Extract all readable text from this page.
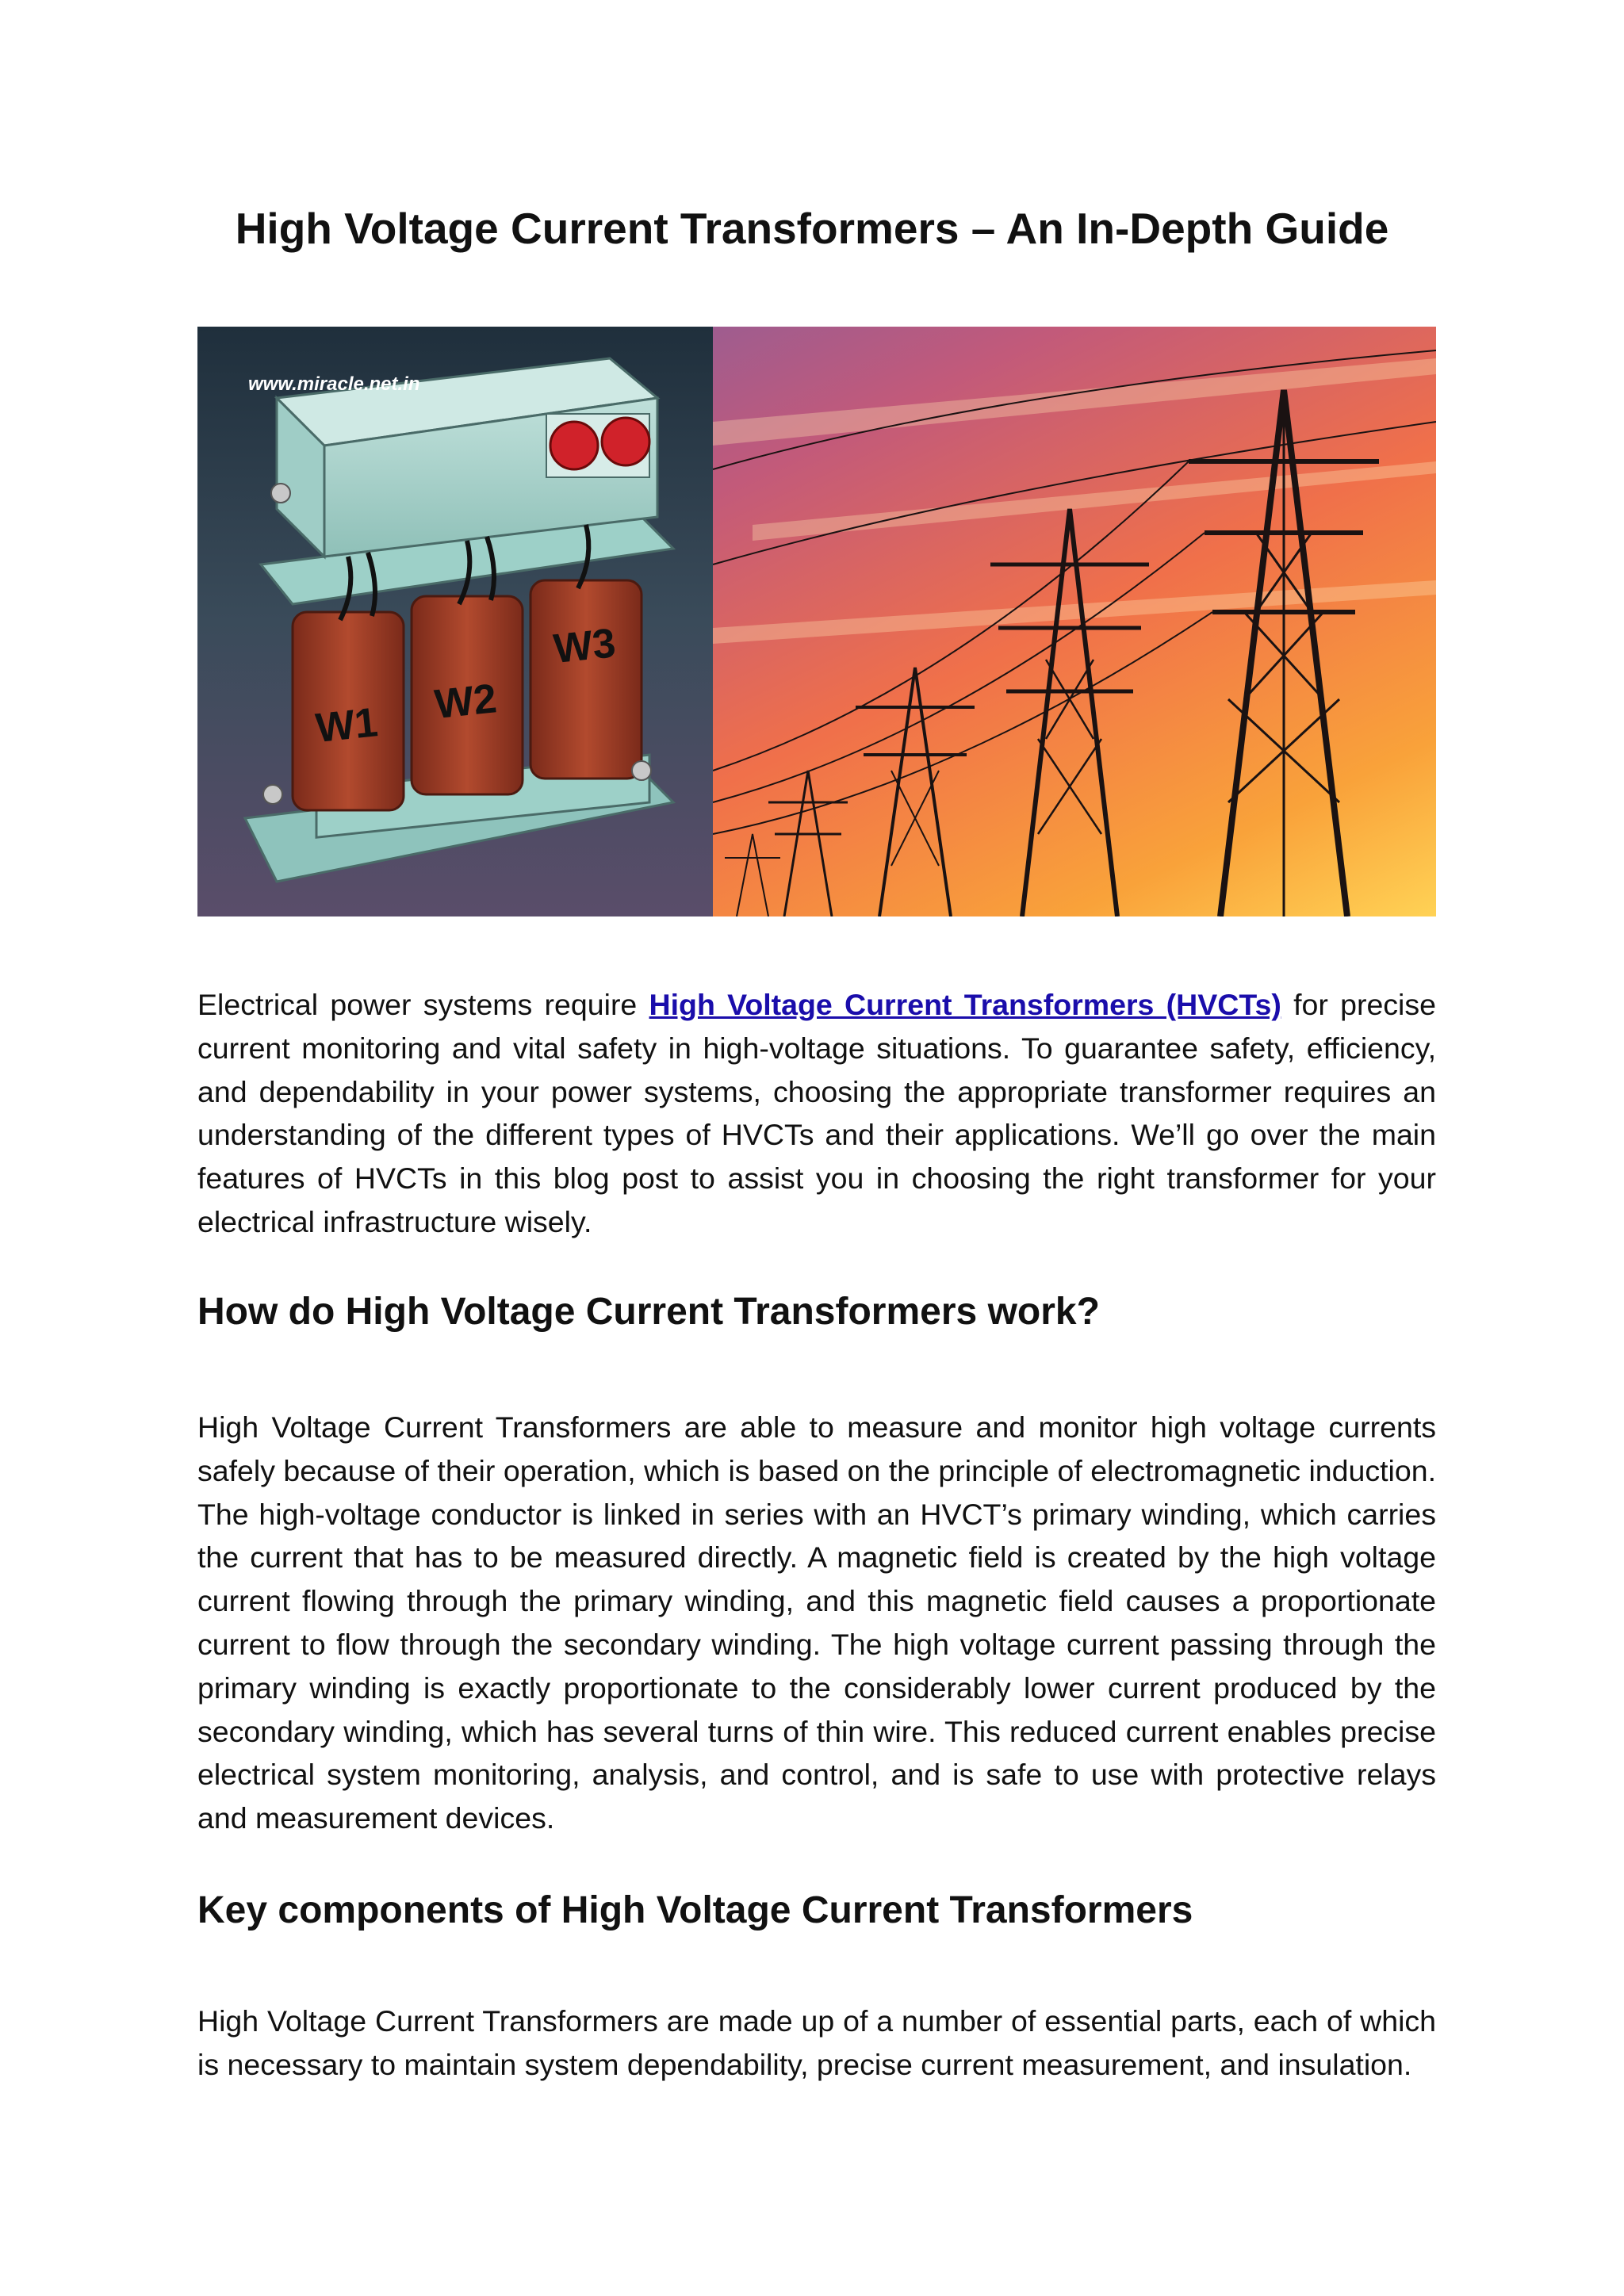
High Voltage Current Transformers – An In-Depth Guide
W1 W2
W3
www.miracle.net.in

Electrical power systems require High Voltage Current Transformers (HVCTs) for precise current monitoring and vital safety in high-voltage situations. To guarantee safety, efficiency, and dependability in your power systems, choosing the appropriate transformer requires an understanding of the different types of HVCTs and their applications. We’ll go over the main features of HVCTs in this blog post to assist you in choosing the right transformer for your electrical infrastructure wisely.

How do High Voltage Current Transformers work?

High Voltage Current Transformers are able to measure and monitor high voltage currents safely because of their operation, which is based on the principle of electromagnetic induction. The high-voltage conductor is linked in series with an HVCT’s primary winding, which carries the current that has to be measured directly. A magnetic field is created by the high voltage current flowing through the primary winding, and this magnetic field causes a proportionate current to flow through the secondary winding. The high voltage current passing through the primary winding is exactly proportionate to the considerably lower current produced by the secondary winding, which has several turns of thin wire. This reduced current enables precise electrical system monitoring, analysis, and control, and is safe to use with protective relays and measurement devices.

Key components of High Voltage Current Transformers

High Voltage Current Transformers are made up of a number of essential parts, each of which is necessary to maintain system dependability, precise current measurement, and insulation.
